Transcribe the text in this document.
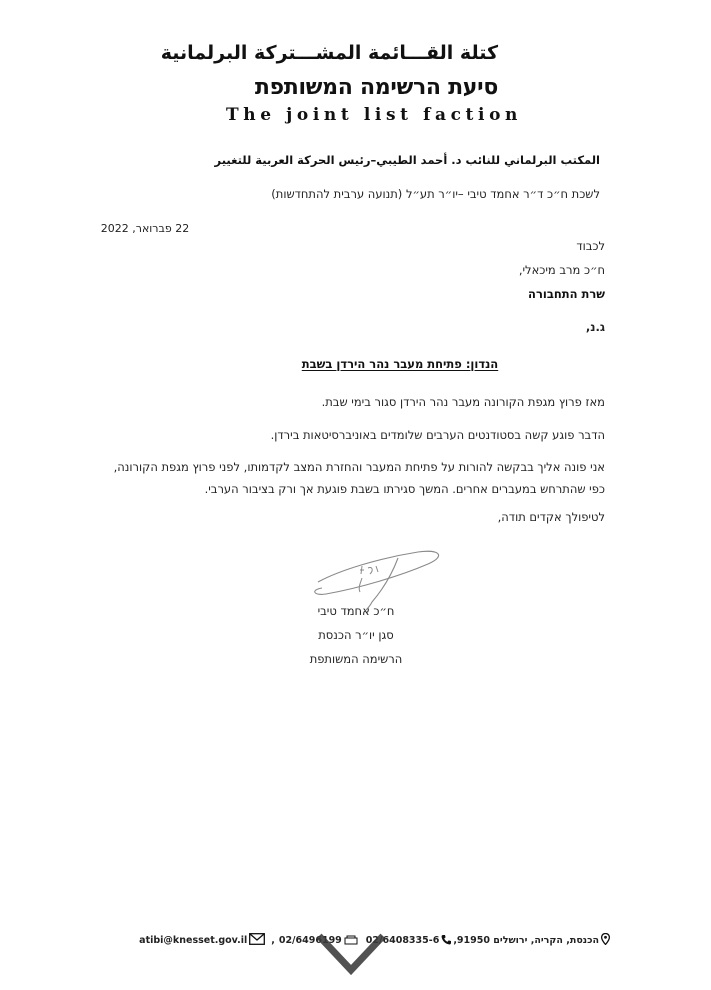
كتلة القـــائمة المشـــتركة البرلمانية
סיעת הרשימה המשותפת
The joint list faction
المكتب البرلماني للنائب د. أحمد الطيبي–رئيس الحركة العربية للتغيير
לשכת ח״כ ד״ר אחמד טיבי –יו״ר תע״ל (תנועה ערבית להתחדשות)
22 פברואר, 2022
לכבוד
ח״כ מרב מיכאלי,
שרת התחבורה
ג.נ,
הנדון: פתיחת מעבר נהר הירדן בשבת
מאז פרוץ מגפת הקורונה מעבר נהר הירדן סגור בימי שבת.
הדבר פוגע קשה בסטודנטים הערבים שלומדים באוניברסיטאות בירדן.
אני פונה אליך בבקשה להורות על פתיחת המעבר והחזרת המצב לקדמותו, לפני פרוץ מגפת הקורונה, כפי שהתרחש במעברים אחרים. המשך סגירתו בשבת פוגעת אך ורק בציבור הערבי.
לטיפולך אקדים תודה,
ח״כ אחמד טיבי
סגן יו״ר הכנסת
הרשימה המשותפת
הכנסת, הקריה, ירושלים 91950,
02/6408335-6
02/6496199
,
atibi@knesset.gov.il
